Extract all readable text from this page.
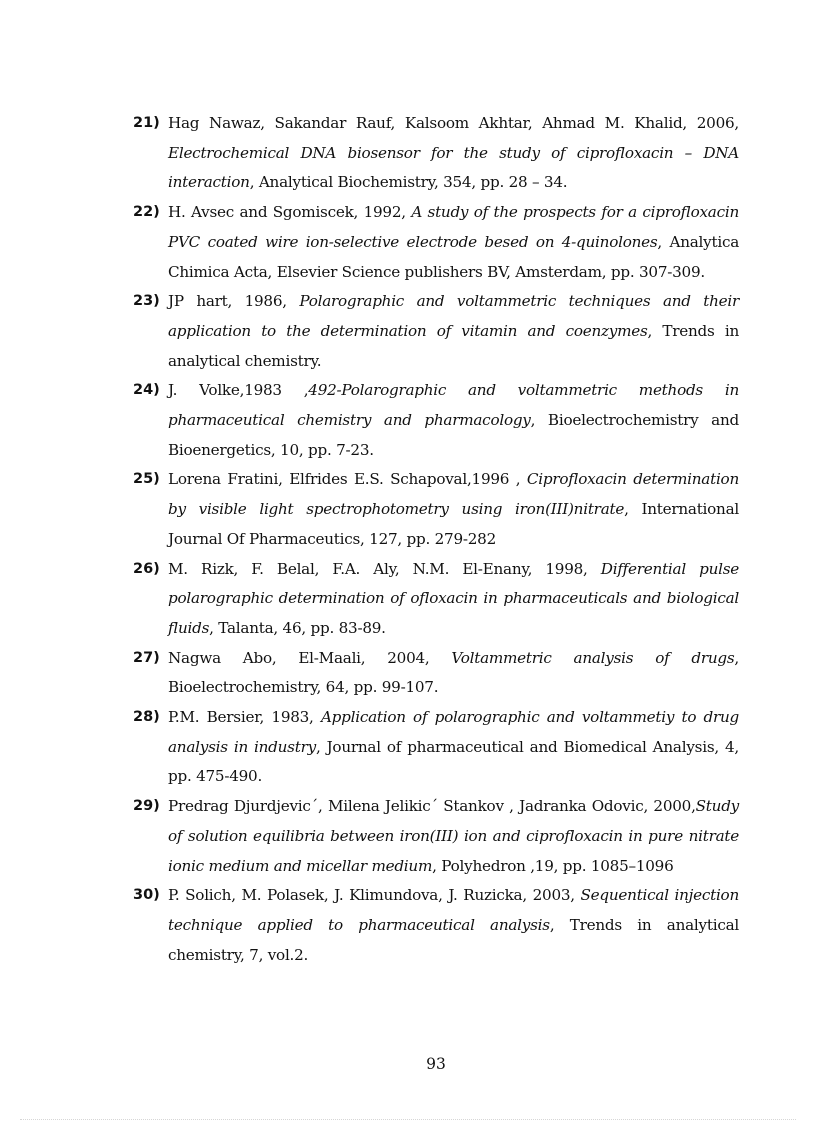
21) Hag Nawaz, Sakandar Rauf, Kalsoom Akhtar, Ahmad M. Khalid, 2006, Electrochemical DNA biosensor for the study of ciprofloxacin – DNA interaction, Analytical Biochemistry, 354, pp. 28 – 34.
22) H. Avsec and Sgomiscek, 1992, A study of the prospects for a ciprofloxacin PVC coated wire ion-selective electrode besed on 4-quinolones, Analytica Chimica Acta, Elsevier Science publishers BV, Amsterdam, pp. 307-309.
23) JP hart, 1986, Polarographic and voltammetric techniques and their application to the determination of vitamin and coenzymes, Trends in analytical chemistry.
24) J. Volke,1983 ,492-Polarographic and voltammetric methods in pharmaceutical chemistry and pharmacology, Bioelectrochemistry and Bioenergetics, 10, pp. 7-23.
25) Lorena Fratini, Elfrides E.S. Schapoval,1996 , Ciprofloxacin determination by visible light spectrophotometry using iron(III)nitrate, International Journal Of Pharmaceutics, 127, pp. 279-282
26) M. Rizk, F. Belal, F.A. Aly, N.M. El-Enany, 1998, Differential pulse polarographic determination of ofloxacin in pharmaceuticals and biological fluids, Talanta, 46, pp. 83-89.
27) Nagwa Abo, El-Maali, 2004, Voltammetric analysis of drugs, Bioelectrochemistry, 64, pp. 99-107.
28) P.M. Bersier, 1983, Application of polarographic and voltammetiy to drug analysis in industry, Journal of pharmaceutical and Biomedical Analysis, 4, pp. 475-490.
29) Predrag Djurdjevic´, Milena Jelikic´ Stankov , Jadranka Odovic, 2000,Study of solution equilibria between iron(III) ion and ciprofloxacin in pure nitrate ionic medium and micellar medium, Polyhedron ,19, pp. 1085–1096
30) P. Solich, M. Polasek, J. Klimundova, J. Ruzicka, 2003, Sequentical injection technique applied to pharmaceutical analysis, Trends in analytical chemistry, 7, vol.2.
93
